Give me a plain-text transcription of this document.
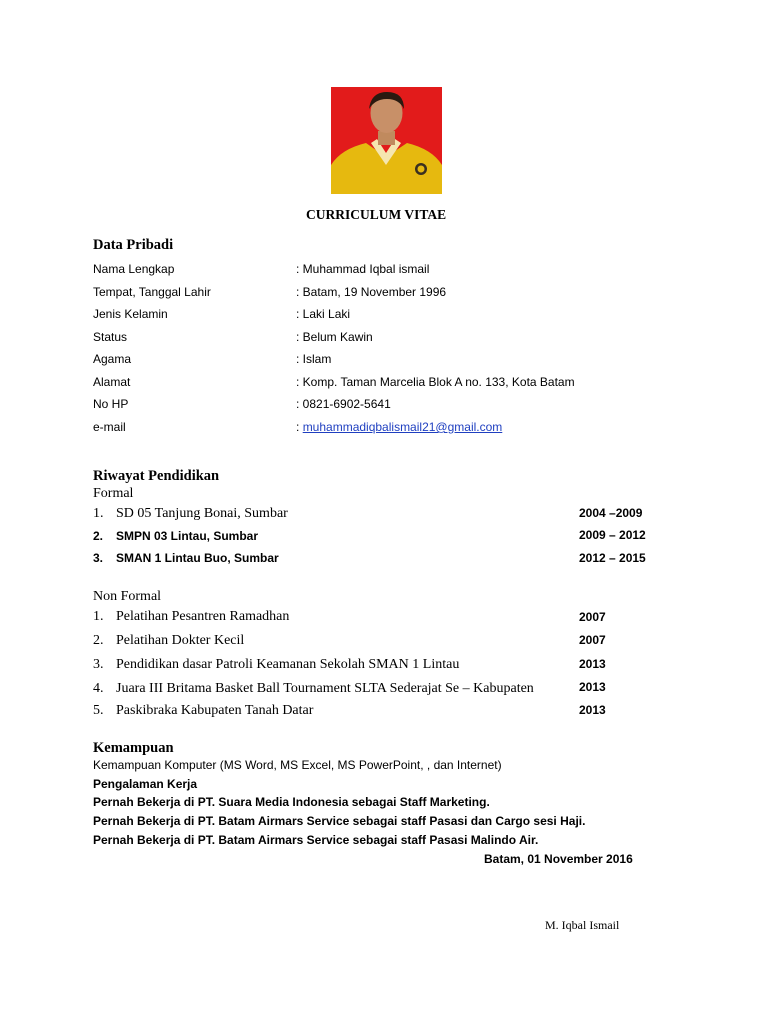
CURRICULUM VITAE
Data Pribadi
Nama Lengkap	: Muhammad Iqbal ismail
Tempat, Tanggal Lahir	: Batam, 19 November 1996
Jenis Kelamin	: Laki Laki
Status	: Belum Kawin
Agama	: Islam
Alamat	: Komp. Taman Marcelia Blok A no. 133, Kota Batam
No HP	: 0821-6902-5641
e-mail	: muhammadiqbalismail21@gmail.com
Riwayat Pendidikan
Formal
1. SD 05 Tanjung Bonai, Sumbar	2004 –2009
2. SMPN 03 Lintau, Sumbar	2009 – 2012
3. SMAN 1 Lintau Buo, Sumbar	2012 – 2015
Non Formal
1. Pelatihan Pesantren Ramadhan	2007
2. Pelatihan Dokter Kecil	2007
3. Pendidikan dasar Patroli Keamanan Sekolah SMAN 1 Lintau	2013
4. Juara III Britama Basket Ball Tournament SLTA Sederajat Se – Kabupaten	2013
5. Paskibraka Kabupaten Tanah Datar	2013
Kemampuan
Kemampuan Komputer (MS Word, MS Excel, MS PowerPoint, , dan Internet)
Pengalaman Kerja
Pernah Bekerja di PT. Suara Media Indonesia sebagai Staff Marketing.
Pernah Bekerja di PT. Batam Airmars Service sebagai staff Pasasi dan Cargo sesi Haji.
Pernah Bekerja di PT. Batam Airmars Service sebagai staff Pasasi Malindo Air.
Batam, 01 November 2016
M. Iqbal Ismail
